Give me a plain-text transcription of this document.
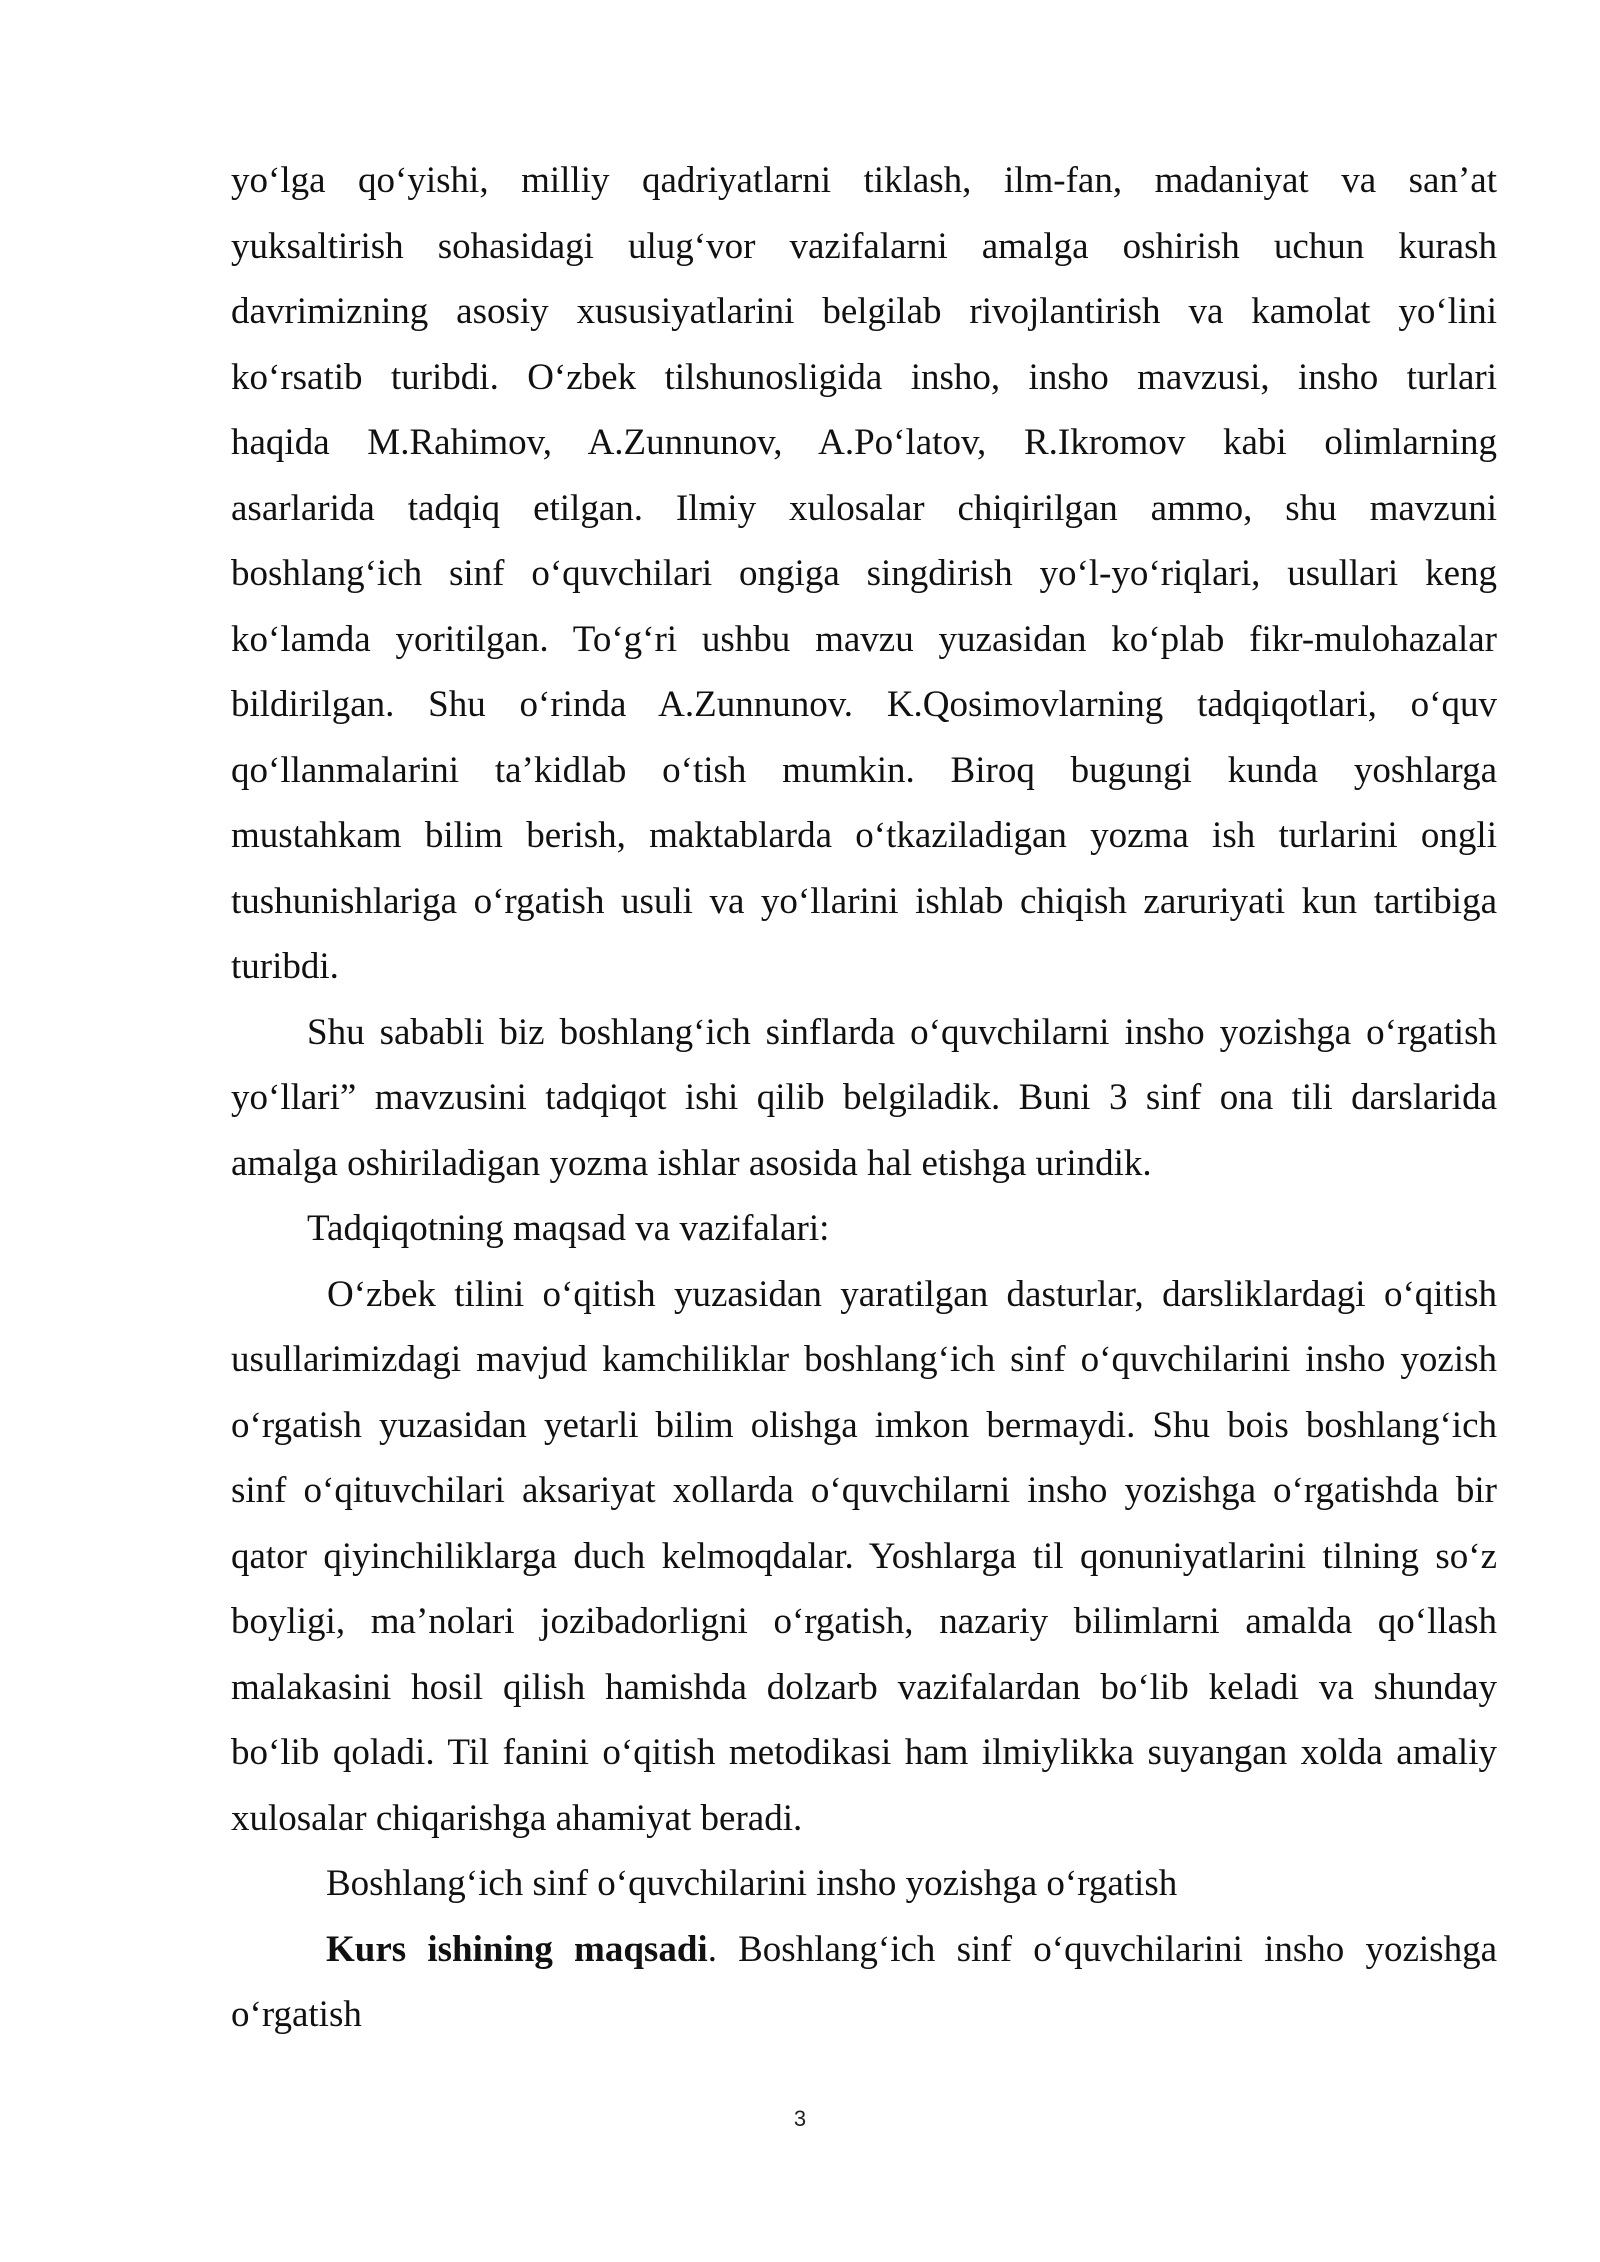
yo‘lga qo‘yishi, milliy qadriyatlarni tiklash, ilm-fan, madaniyat va san’at
yuksaltirish sohasidagi ulug‘vor vazifalarni amalga oshirish uchun kurash
davrimizning asosiy xususiyatlarini belgilab rivojlantirish va kamolat yo‘lini
ko‘rsatib turibdi. O‘zbek tilshunosligida insho, insho mavzusi, insho turlari
haqida M.Rahimov, A.Zunnunov, A.Po‘latov, R.Ikromov kabi olimlarning
asarlarida tadqiq etilgan. Ilmiy xulosalar chiqirilgan ammo, shu mavzuni
boshlang‘ich sinf o‘quvchilari ongiga singdirish yo‘l-yo‘riqlari, usullari keng
ko‘lamda yoritilgan. To‘g‘ri ushbu mavzu yuzasidan ko‘plab fikr-mulohazalar
bildirilgan. Shu o‘rinda A.Zunnunov. K.Qosimovlarning tadqiqotlari, o‘quv
qo‘llanmalarini ta’kidlab o‘tish mumkin. Biroq bugungi kunda yoshlarga
mustahkam bilim berish, maktablarda o‘tkaziladigan yozma ish turlarini ongli
tushunishlariga o‘rgatish usuli va yo‘llarini ishlab chiqish zaruriyati kun tartibiga
turibdi.
Shu sababli biz boshlang‘ich sinflarda o‘quvchilarni insho yozishga o‘rgatish
yo‘llari” mavzusini tadqiqot ishi qilib belgiladik. Buni 3 sinf ona tili darslarida
amalga oshiriladigan yozma ishlar asosida hal etishga urindik.
Tadqiqotning maqsad va vazifalari:
O‘zbek tilini o‘qitish yuzasidan yaratilgan dasturlar, darsliklardagi o‘qitish
usullarimizdagi mavjud kamchiliklar boshlang‘ich sinf o‘quvchilarini insho yozish
o‘rgatish yuzasidan yetarli bilim olishga imkon bermaydi. Shu bois boshlang‘ich
sinf o‘qituvchilari aksariyat xollarda o‘quvchilarni insho yozishga o‘rgatishda bir
qator qiyinchiliklarga duch kelmoqdalar. Yoshlarga til qonuniyatlarini tilning so‘z
boyligi, ma’nolari jozibadorligni o‘rgatish, nazariy bilimlarni amalda qo‘llash
malakasini hosil qilish hamishda dolzarb vazifalardan bo‘lib keladi va shunday
bo‘lib qoladi. Til fanini o‘qitish metodikasi ham ilmiylikka suyangan xolda amaliy
xulosalar chiqarishga ahamiyat beradi.
Boshlang‘ich sinf o‘quvchilarini insho yozishga o‘rgatish
Kurs ishining maqsadi. Boshlang‘ich sinf o‘quvchilarini insho yozishga
o‘rgatish
3
